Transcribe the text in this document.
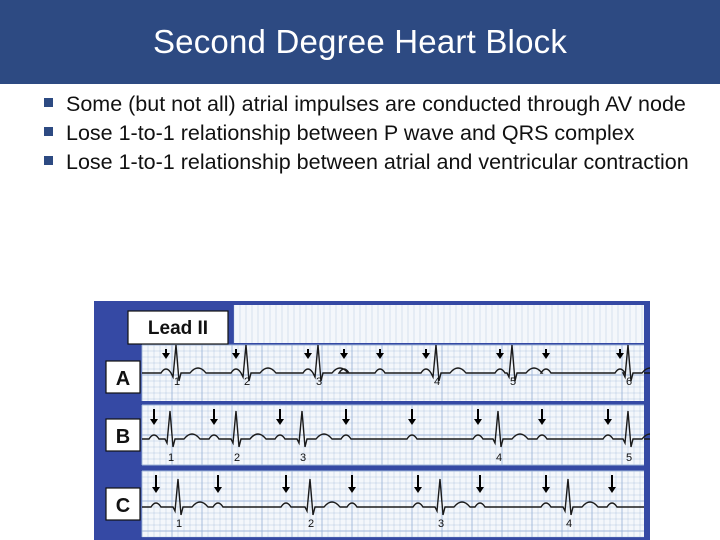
Second Degree Heart Block
Some (but not all) atrial impulses are conducted through AV node
Lose 1-to-1 relationship between P wave and QRS complex
Lose 1-to-1 relationship between atrial and ventricular contraction
Lead II
A
B
C
1	2	3	4	5	6
1	2	3	4	5
1	2	3	4
